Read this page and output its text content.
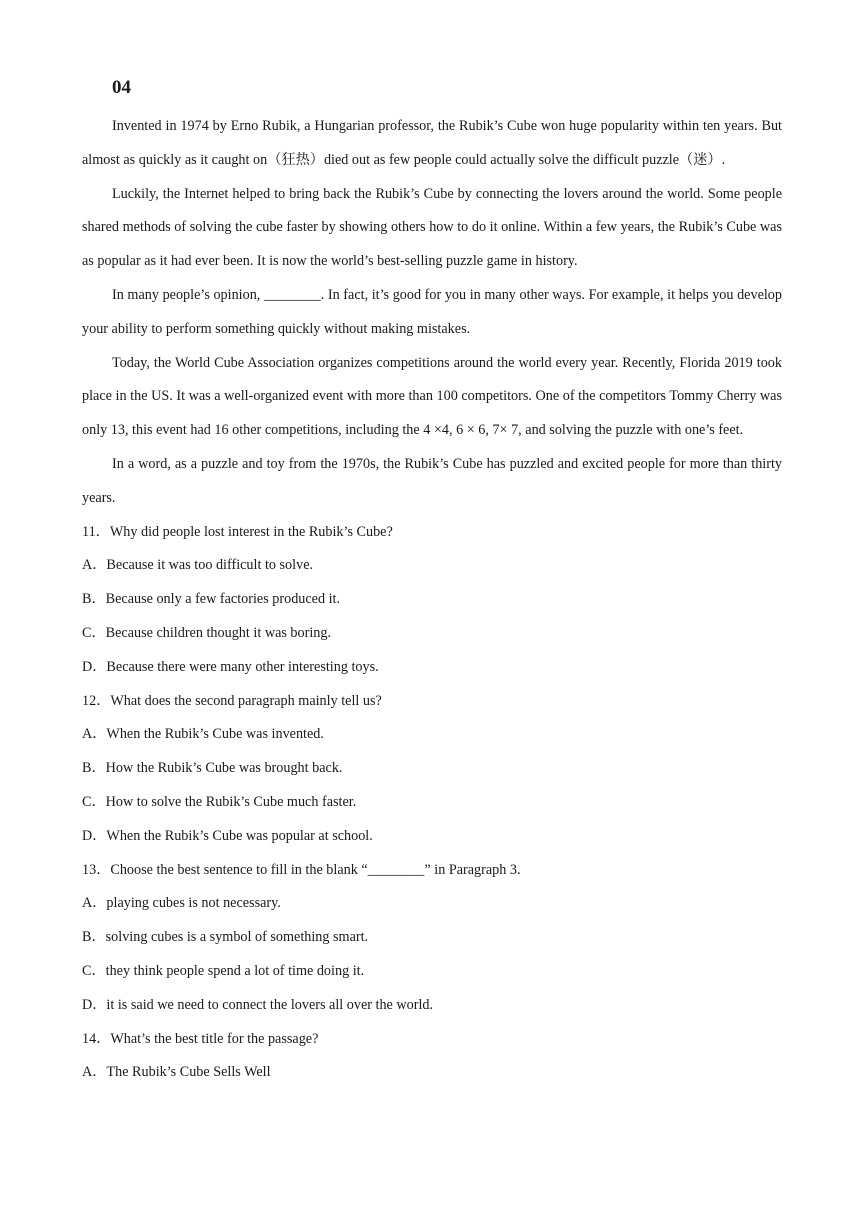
04

Invented in 1974 by Erno Rubik, a Hungarian professor, the Rubik’s Cube won huge popularity within ten years. But almost as quickly as it caught on（狂热）died out as few people could actually solve the difficult puzzle（迷）.

Luckily, the Internet helped to bring back the Rubik’s Cube by connecting the lovers around the world. Some people shared methods of solving the cube faster by showing others how to do it online. Within a few years, the Rubik’s Cube was as popular as it had ever been. It is now the world’s best-selling puzzle game in history.

In many people’s opinion, ________. In fact, it’s good for you in many other ways. For example, it helps you develop your ability to perform something quickly without making mistakes.

Today, the World Cube Association organizes competitions around the world every year. Recently, Florida 2019 took place in the US. It was a well-organized event with more than 100 competitors. One of the competitors Tommy Cherry was only 13, this event had 16 other competitions, including the 4 ×4, 6 × 6, 7× 7, and solving the puzzle with one’s feet.

In a word, as a puzzle and toy from the 1970s, the Rubik’s Cube has puzzled and excited people for more than thirty years.

11．Why did people lost interest in the Rubik’s Cube?

A．Because it was too difficult to solve.

B．Because only a few factories produced it.

C．Because children thought it was boring.

D．Because there were many other interesting toys.

12．What does the second paragraph mainly tell us?

A．When the Rubik’s Cube was invented.

B．How the Rubik’s Cube was brought back.

C．How to solve the Rubik’s Cube much faster.

D．When the Rubik’s Cube was popular at school.

13．Choose the best sentence to fill in the blank “________” in Paragraph 3.

A．playing cubes is not necessary.

B．solving cubes is a symbol of something smart.

C．they think people spend a lot of time doing it.

D．it is said we need to connect the lovers all over the world.

14．What’s the best title for the passage?

A．The Rubik’s Cube Sells Well
